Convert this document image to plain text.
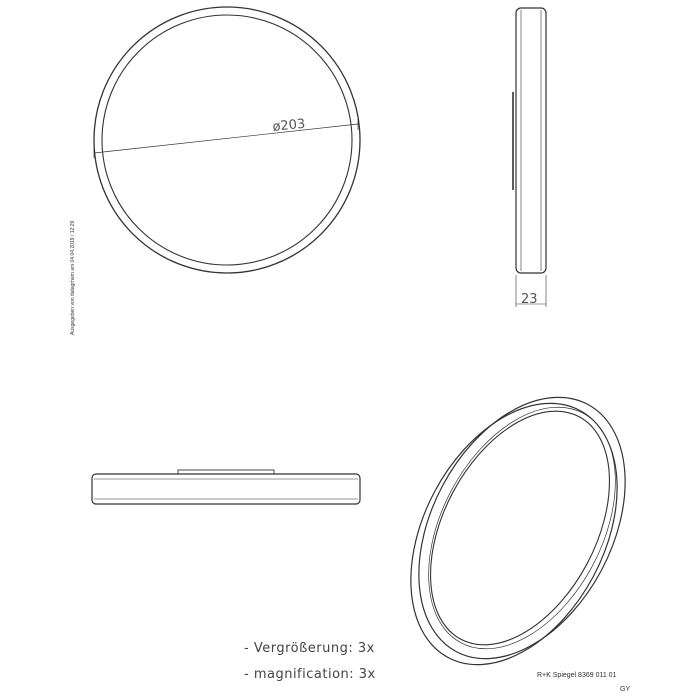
ø203
23
Ausgegeben von datagrham am 04.04.2019 / 12:29
- Vergrößerung: 3x
- magnification: 3x	R+K Spiegel 8369 011 01
GY
